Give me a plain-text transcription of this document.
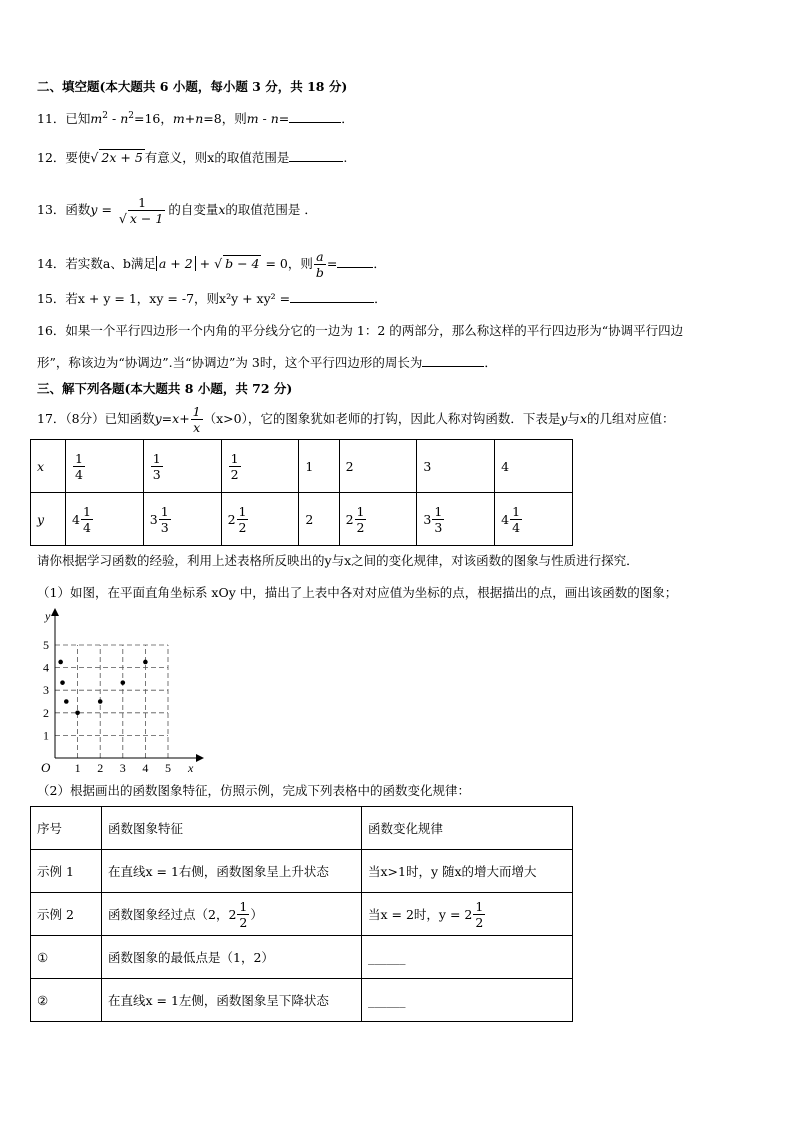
二、填空题(本大题共 6 小题，每小题 3 分，共 18 分)
11．已知$m^2 - n^2=16$，m+n=8，则m - n=	．
12．要使√ 2x + 5 有意义，则x的取值范围是	.
13．函数$y = \frac{1}{√ x - 1}$ 的自变量x的取值范围是 ．
14．若实数a、b满足 a + 2 + √ b − 4 = 0，则 $\frac{a}{b}$ =	．
15．若x + y = 1，xy = -7，则x²y + xy² =	．
16．如果一个平行四边形一个内角的平分线分它的一边为 1：2 的两部分，那么称这样的平行四边形为“协调平行四边
形”，称该边为“协调边”.当“协调边”为 3时，这个平行四边形的周长为	．
三、解下列各题(本大题共 8 小题，共 72 分)
17．（8分）已知函数$y=x+ \frac{1}{x} (x>0)$，它的图象犹如老师的打钩，因此人称对钩函数．下表是y与x的几组对应值：
x	$\frac{1}{4}$	$\frac{1}{3}$	$\frac{1}{2}$	1	2	3	4
y	$4 \frac{1}{4}$	$3 \frac{1}{3}$	$2 \frac{1}{2}$	2	$2 \frac{1}{2}$	$3 \frac{1}{3}$	$4 \frac{1}{4}$
请你根据学习函数的经验，利用上述表格所反映出的y与x之间的变化规律，对该函数的图象与性质进行探究．
（1）如图，在平面直角坐标系 xOy 中，描出了上表中各对对应值为坐标的点，根据描出的点，画出该函数的图象；
y
x
O 1 2 3 4 5
1
2
3
4
5
（2）根据画出的函数图象特征，仿照示例，完成下列表格中的函数变化规律：
序号	函数图象特征	函数变化规律
示例 1	在直线x = 1右侧，函数图象呈上升状态	当x>1时，y 随x的增大而增大
示例 2	函数图象经过点（2，$2 \frac{1}{2}$ ）	当x = 2时，$y = 2 \frac{1}{2}$

①	函数图象的最低点是（1，2）	______
②	在直线x = 1左侧，函数图象呈下降状态	______
